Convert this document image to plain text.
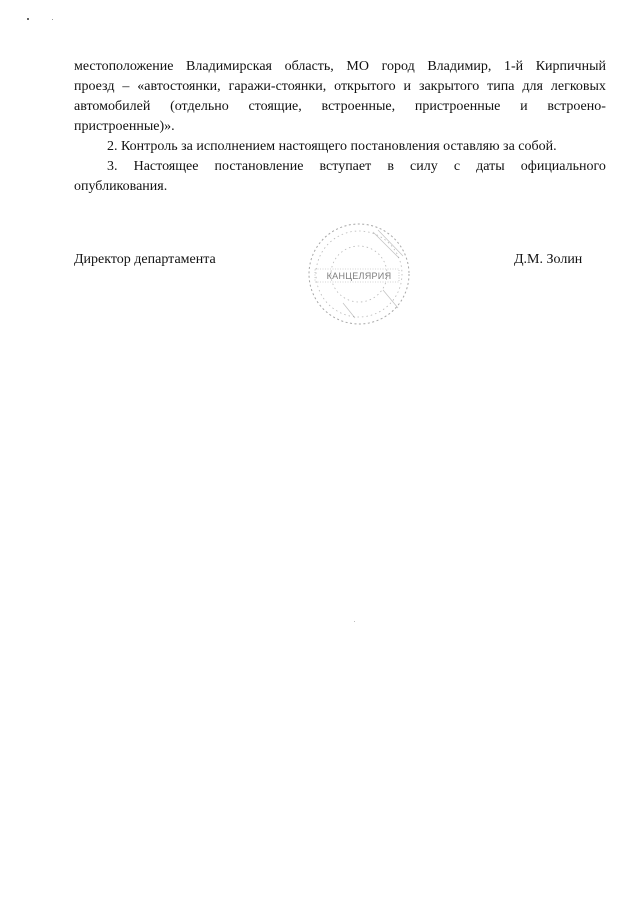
местоположение Владимирская область, МО город Владимир, 1-й Кирпичный
проезд – «автостоянки, гаражи-стоянки, открытого и закрытого типа для легковых
автомобилей (отдельно стоящие, встроенные, пристроенные и встроено-
пристроенные)».
2.
Контроль
за
исполнением
настоящего
постановления
оставляю
за
собой.
3. Настоящее постановление вступает в силу с даты официального
опубликования.
Директор департамента	Д.М. Золин
КАНЦЕЛЯРИЯ
